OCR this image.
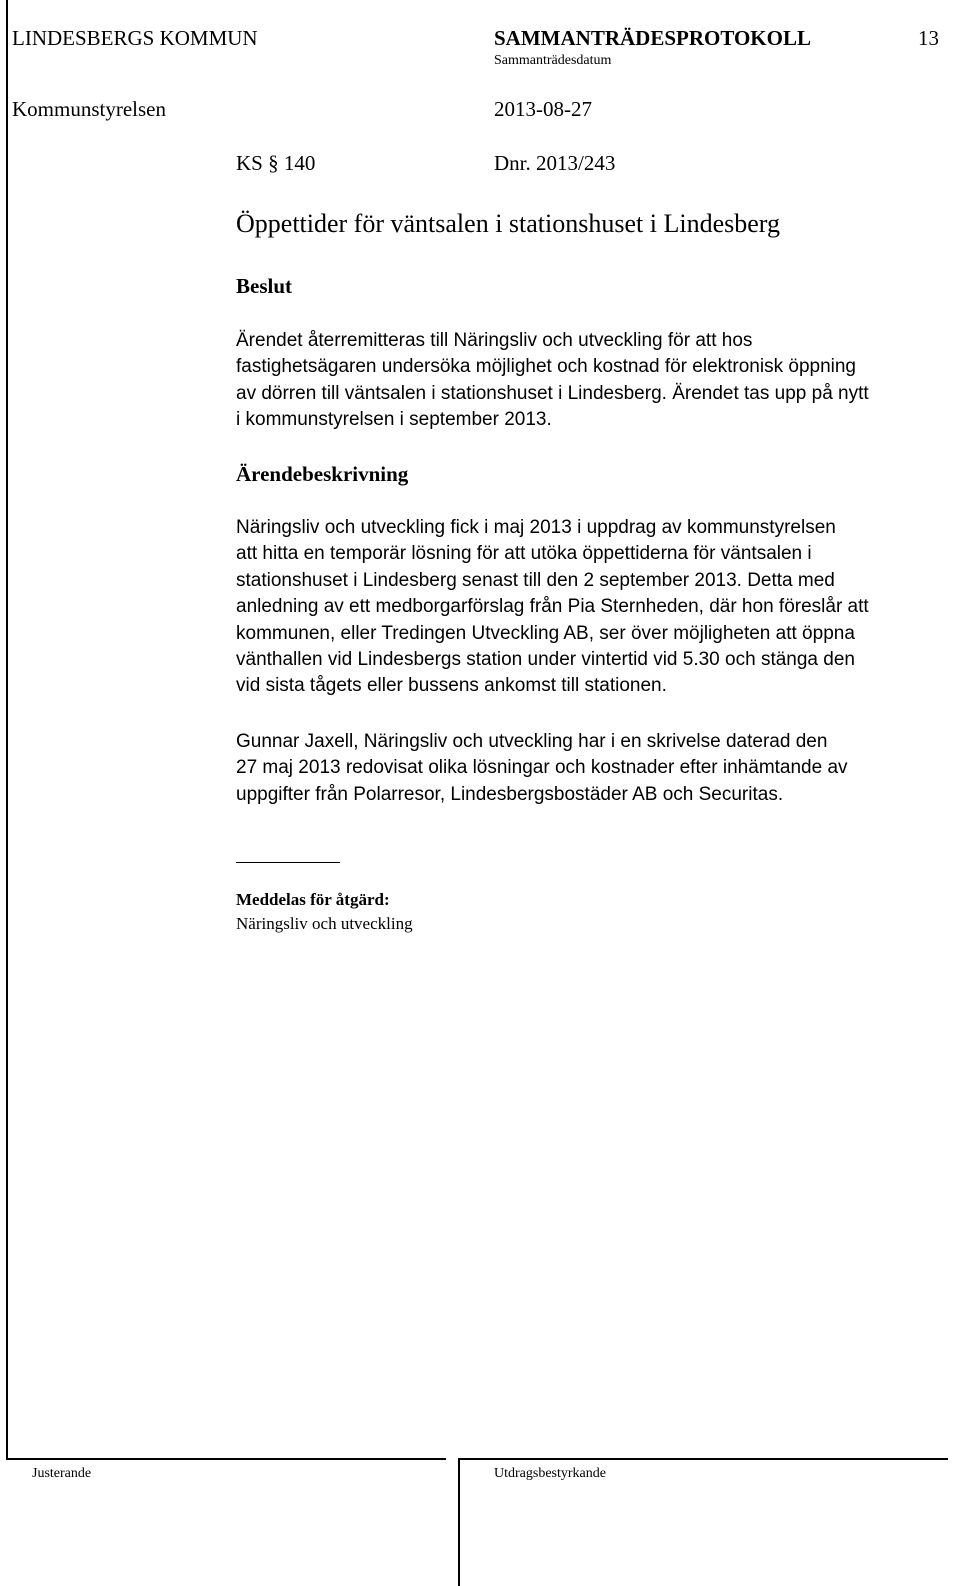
LINDESBERGS KOMMUN	SAMMANTRÄDESPROTOKOLL	13
Sammanträdesdatum
Kommunstyrelsen	2013-08-27
KS § 140	Dnr. 2013/243
Öppettider för väntsalen i stationshuset i Lindesberg
Beslut

Ärendet återremitteras till Näringsliv och utveckling för att hos

fastighetsägaren undersöka möjlighet och kostnad för elektronisk öppning

av dörren till väntsalen i stationshuset i Lindesberg. Ärendet tas upp på nytt

i kommunstyrelsen i september 2013.

Ärendebeskrivning

Näringsliv och utveckling fick i maj 2013 i uppdrag av kommunstyrelsen

att hitta en temporär lösning för att utöka öppettiderna för väntsalen i

stationshuset i Lindesberg senast till den 2 september 2013. Detta med

anledning av ett medborgarförslag från Pia Sternheden, där hon föreslår att

kommunen, eller Tredingen Utveckling AB, ser över möjligheten att öppna

vänthallen vid Lindesbergs station under vintertid vid 5.30 och stänga den

vid sista tågets eller bussens ankomst till stationen.

Gunnar Jaxell, Näringsliv och utveckling har i en skrivelse daterad den

27 maj 2013 redovisat olika lösningar och kostnader efter inhämtande av

uppgifter från Polarresor, Lindesbergsbostäder AB och Securitas.

Meddelas för åtgärd:
Näringsliv och utveckling
Justerande	Utdragsbestyrkande
